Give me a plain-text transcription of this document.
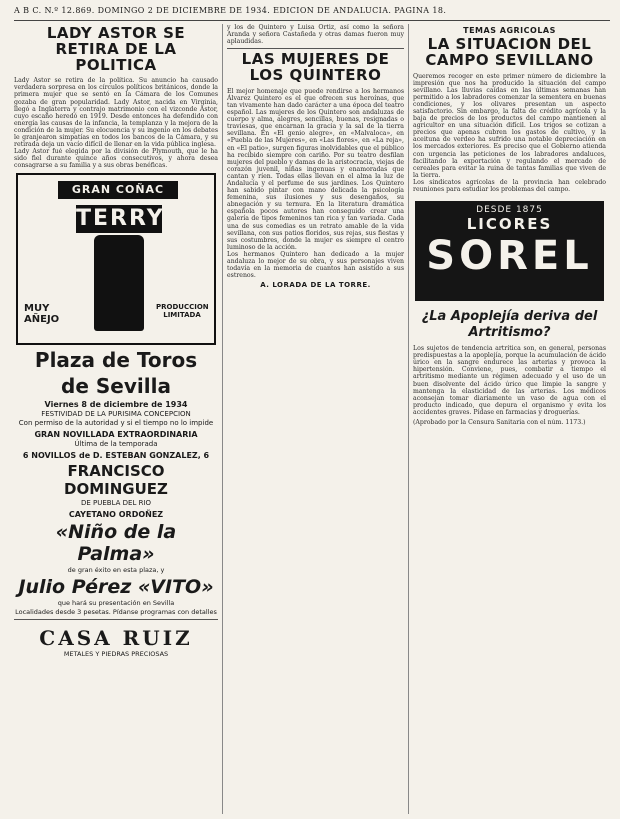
A B C. N.º 12.869. DOMINGO 2 DE DICIEMBRE DE 1934. EDICION DE ANDALUCIA. PAGINA 18.
LADY ASTOR SE RETIRA DE LA POLITICA

Lady Astor se retira de la política. Su anuncio ha causado verdadera sorpresa en los círculos políticos británicos, donde la primera mujer que se sentó en la Cámara de los Comunes gozaba de gran popularidad. Lady Astor, nacida en Virginia, llegó a Inglaterra y contrajo matrimonio con el vizconde Astor, cuyo escaño heredó en 1919. Desde entonces ha defendido con energía las causas de la infancia, la templanza y la mejora de la condición de la mujer. Su elocuencia y su ingenio en los debates le granjearon simpatías en todos los bancos de la Cámara, y su retirada deja un vacío difícil de llenar en la vida pública inglesa.

Lady Astor fué elegida por la división de Plymouth, que le ha sido fiel durante quince años consecutivos, y ahora desea consagrarse a su familia y a sus obras benéficas.

GRAN COÑAC
TERRY
MUY AÑEJO
PRODUCCION LIMITADA
Plaza de Toros
de Sevilla
Viernes 8 de diciembre de 1934
FESTIVIDAD DE LA PURISIMA CONCEPCION
Con permiso de la autoridad y si el tiempo no lo impide
GRAN NOVILLADA EXTRAORDINARIA
Última de la temporada
6 NOVILLOS de D. ESTEBAN GONZALEZ, 6
FRANCISCO DOMINGUEZ
DE PUEBLA DEL RIO
CAYETANO ORDOÑEZ
«Niño de la Palma»
de gran éxito en esta plaza, y
Julio Pérez «VITO»
que hará su presentación en Sevilla
Localidades desde 3 pesetas. Pídanse programas con detalles
CASA RUIZ
METALES Y PIEDRAS PRECIOSAS

y los de Quintero y Luisa Ortiz, así como la señora Aranda y señora Castañeda y otras damas fueron muy aplaudidas.

LAS MUJERES DE LOS QUINTERO

El mejor homenaje que puede rendirse a los hermanos Álvarez Quintero es el que ofrecen sus heroínas, que tan vivamente han dado carácter a una época del teatro español. Las mujeres de los Quintero son andaluzas de cuerpo y alma, alegres, sencillas, buenas, resignadas o traviesas, que encarnan la gracia y la sal de la tierra sevillana. En «El genio alegre», en «Malvaloca», en «Puebla de las Mujeres», en «Las flores», en «La reja», en «El patio», surgen figuras inolvidables que el público ha recibido siempre con cariño. Por su teatro desfilan mujeres del pueblo y damas de la aristocracia, viejas de corazón juvenil, niñas ingenuas y enamoradas que cantan y ríen. Todas ellas llevan en el alma la luz de Andalucía y el perfume de sus jardines. Los Quintero han sabido pintar con mano delicada la psicología femenina, sus ilusiones y sus desengaños, su abnegación y su ternura. En la literatura dramática española pocos autores han conseguido crear una galería de tipos femeninos tan rica y tan variada. Cada una de sus comedias es un retrato amable de la vida sevillana, con sus patios floridos, sus rejas, sus fiestas y sus costumbres, donde la mujer es siempre el centro luminoso de la acción.

Los hermanos Quintero han dedicado a la mujer andaluza lo mejor de su obra, y sus personajes viven todavía en la memoria de cuantos han asistido a sus estrenos.

A. LORADA DE LA TORRE.
TEMAS AGRICOLAS
LA SITUACION DEL CAMPO SEVILLANO

Queremos recoger en este primer número de diciembre la impresión que nos ha producido la situación del campo sevillano. Las lluvias caídas en las últimas semanas han permitido a los labradores comenzar la sementera en buenas condiciones, y los olivares presentan un aspecto satisfactorio. Sin embargo, la falta de crédito agrícola y la baja de precios de los productos del campo mantienen al agricultor en una situación difícil. Los trigos se cotizan a precios que apenas cubren los gastos de cultivo, y la aceituna de verdeo ha sufrido una notable depreciación en los mercados exteriores. Es preciso que el Gobierno atienda con urgencia las peticiones de los labradores andaluces, facilitando la exportación y regulando el mercado de cereales para evitar la ruina de tantas familias que viven de la tierra.

Los sindicatos agrícolas de la provincia han celebrado reuniones para estudiar los problemas del campo.

DESDE 1875
LICORES
SOREL
¿La Apoplejía deriva del Artritismo?

Los sujetos de tendencia artrítica son, en general, personas predispuestas a la apoplejía, porque la acumulación de ácido úrico en la sangre endurece las arterias y provoca la hipertensión. Conviene, pues, combatir a tiempo el artritismo mediante un régimen adecuado y el uso de un buen disolvente del ácido úrico que limpie la sangre y mantenga la elasticidad de las arterias. Los médicos aconsejan tomar diariamente un vaso de agua con el producto indicado, que depura el organismo y evita los accidentes graves. Pídase en farmacias y droguerías.

(Aprobado por la Censura Sanitaria con el núm. 1173.)
